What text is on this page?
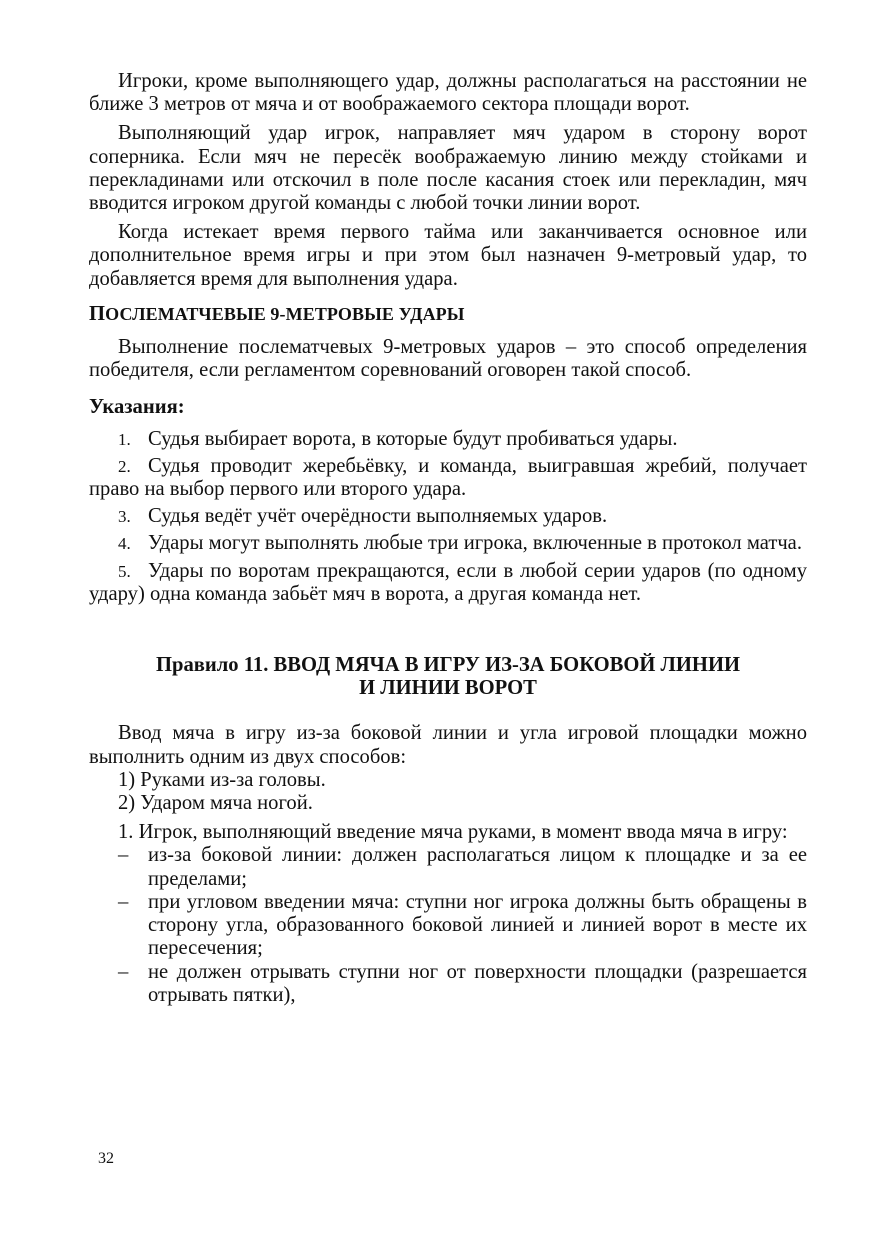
Игроки, кроме выполняющего удар, должны располагаться на расстоянии не ближе 3 метров от мяча и от воображаемого сектора площади ворот.

Выполняющий удар игрок, направляет мяч ударом в сторону ворот соперника. Если мяч не пересёк воображаемую линию между стойками и перекладинами или отскочил в поле после касания стоек или перекладин, мяч вводится игроком другой команды с любой точки линии ворот.

Когда истекает время первого тайма или заканчивается основное или дополнительное время игры и при этом был назначен 9-метровый удар, то добавляется время для выполнения удара.

ПОСЛЕМАТЧЕВЫЕ 9-МЕТРОВЫЕ УДАРЫ

Выполнение послематчевых 9-метровых ударов – это способ определения победителя, если регламентом соревнований оговорен такой способ.

Указания:

1. Судья выбирает ворота, в которые будут пробиваться удары.
2. Судья проводит жеребьёвку, и команда, выигравшая жребий, получает право на выбор первого или второго удара.
3. Судья ведёт учёт очерёдности выполняемых ударов.
4. Удары могут выполнять любые три игрока, включенные в протокол матча.
5. Удары по воротам прекращаются, если в любой серии ударов (по одному удару) одна команда забьёт мяч в ворота, а другая команда нет.
Правило 11. ВВОД МЯЧА В ИГРУ ИЗ-ЗА БОКОВОЙ ЛИНИИ
И ЛИНИИ ВОРОТ

Ввод мяча в игру из-за боковой линии и угла игровой площадки можно выполнить одним из двух способов:

1) Руками из-за головы.

2) Ударом мяча ногой.

1. Игрок, выполняющий введение мяча руками, в момент ввода мяча в игру:

– из-за боковой линии: должен располагаться лицом к площадке и за ее пределами;
– при угловом введении мяча: ступни ног игрока должны быть обращены в сторону угла, образованного боковой линией и линией ворот в месте их пересечения;
– не должен отрывать ступни ног от поверхности площадки (разрешается отрывать пятки),
32
